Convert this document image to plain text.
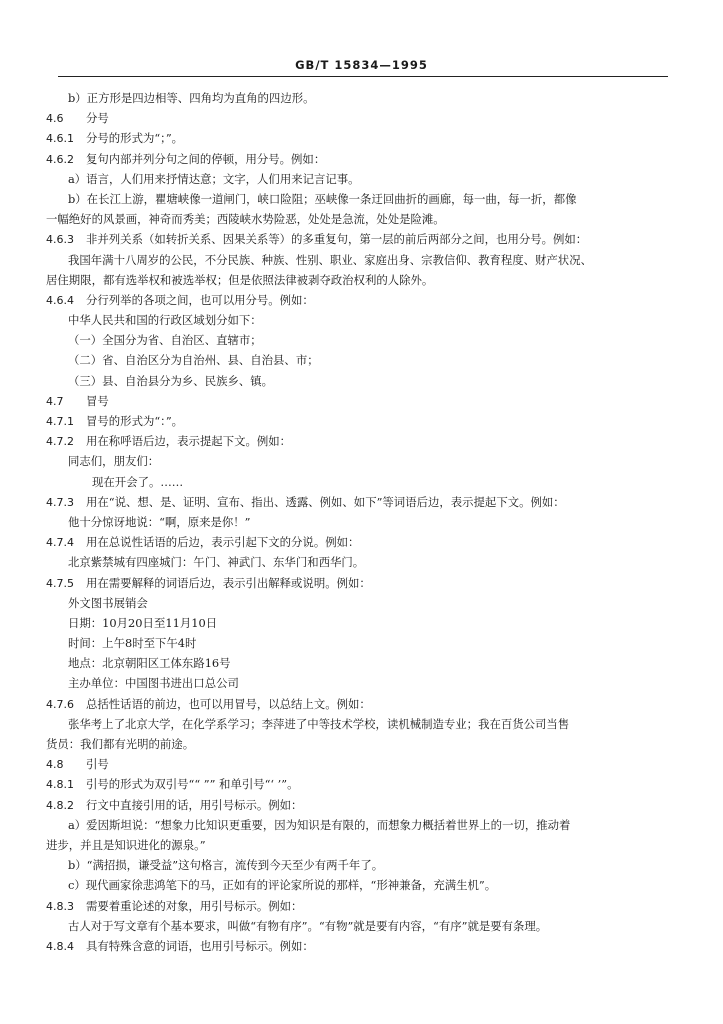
GB/T 15834—1995
b）正方形是四边相等、四角均为直角的四边形。
4.6 分号
4.6.1 分号的形式为“；”。
4.6.2 复句内部并列分句之间的停顿，用分号。例如：
a）语言，人们用来抒情达意；文字，人们用来记言记事。
b）在长江上游，瞿塘峡像一道闸门，峡口险阻；巫峡像一条迂回曲折的画廊，每一曲，每一折，都像
一幅绝好的风景画，神奇而秀美；西陵峡水势险恶，处处是急流，处处是险滩。
4.6.3 非并列关系（如转折关系、因果关系等）的多重复句，第一层的前后两部分之间，也用分号。例如：
我国年满十八周岁的公民，不分民族、种族、性别、职业、家庭出身、宗教信仰、教育程度、财产状况、
居住期限，都有选举权和被选举权；但是依照法律被剥夺政治权利的人除外。
4.6.4 分行列举的各项之间，也可以用分号。例如：
中华人民共和国的行政区域划分如下：
（一）全国分为省、自治区、直辖市；
（二）省、自治区分为自治州、县、自治县、市；
（三）县、自治县分为乡、民族乡、镇。
4.7 冒号
4.7.1 冒号的形式为“：”。
4.7.2 用在称呼语后边，表示提起下文。例如：
同志们，朋友们：
现在开会了。……
4.7.3 用在“说、想、是、证明、宣布、指出、透露、例如、如下”等词语后边，表示提起下文。例如：
他十分惊讶地说：“啊，原来是你！”
4.7.4 用在总说性话语的后边，表示引起下文的分说。例如：
北京紫禁城有四座城门：午门、神武门、东华门和西华门。
4.7.5 用在需要解释的词语后边，表示引出解释或说明。例如：
外文图书展销会
日期：10月20日至11月10日
时间：上午8时至下午4时
地点：北京朝阳区工体东路16号
主办单位：中国图书进出口总公司
4.7.6 总括性话语的前边，也可以用冒号，以总结上文。例如：
张华考上了北京大学，在化学系学习；李萍进了中等技术学校，读机械制造专业；我在百货公司当售
货员：我们都有光明的前途。
4.8 引号
4.8.1 引号的形式为双引号““ ”” 和单引号“‘ ’”。
4.8.2 行文中直接引用的话，用引号标示。例如：
a）爱因斯坦说：“想象力比知识更重要，因为知识是有限的，而想象力概括着世界上的一切，推动着
进步，并且是知识进化的源泉。”
b）“满招损，谦受益”这句格言，流传到今天至少有两千年了。
c）现代画家徐悲鸿笔下的马，正如有的评论家所说的那样，“形神兼备，充满生机”。
4.8.3 需要着重论述的对象，用引号标示。例如：
古人对于写文章有个基本要求，叫做“有物有序”。“有物”就是要有内容，“有序”就是要有条理。
4.8.4 具有特殊含意的词语，也用引号标示。例如：
